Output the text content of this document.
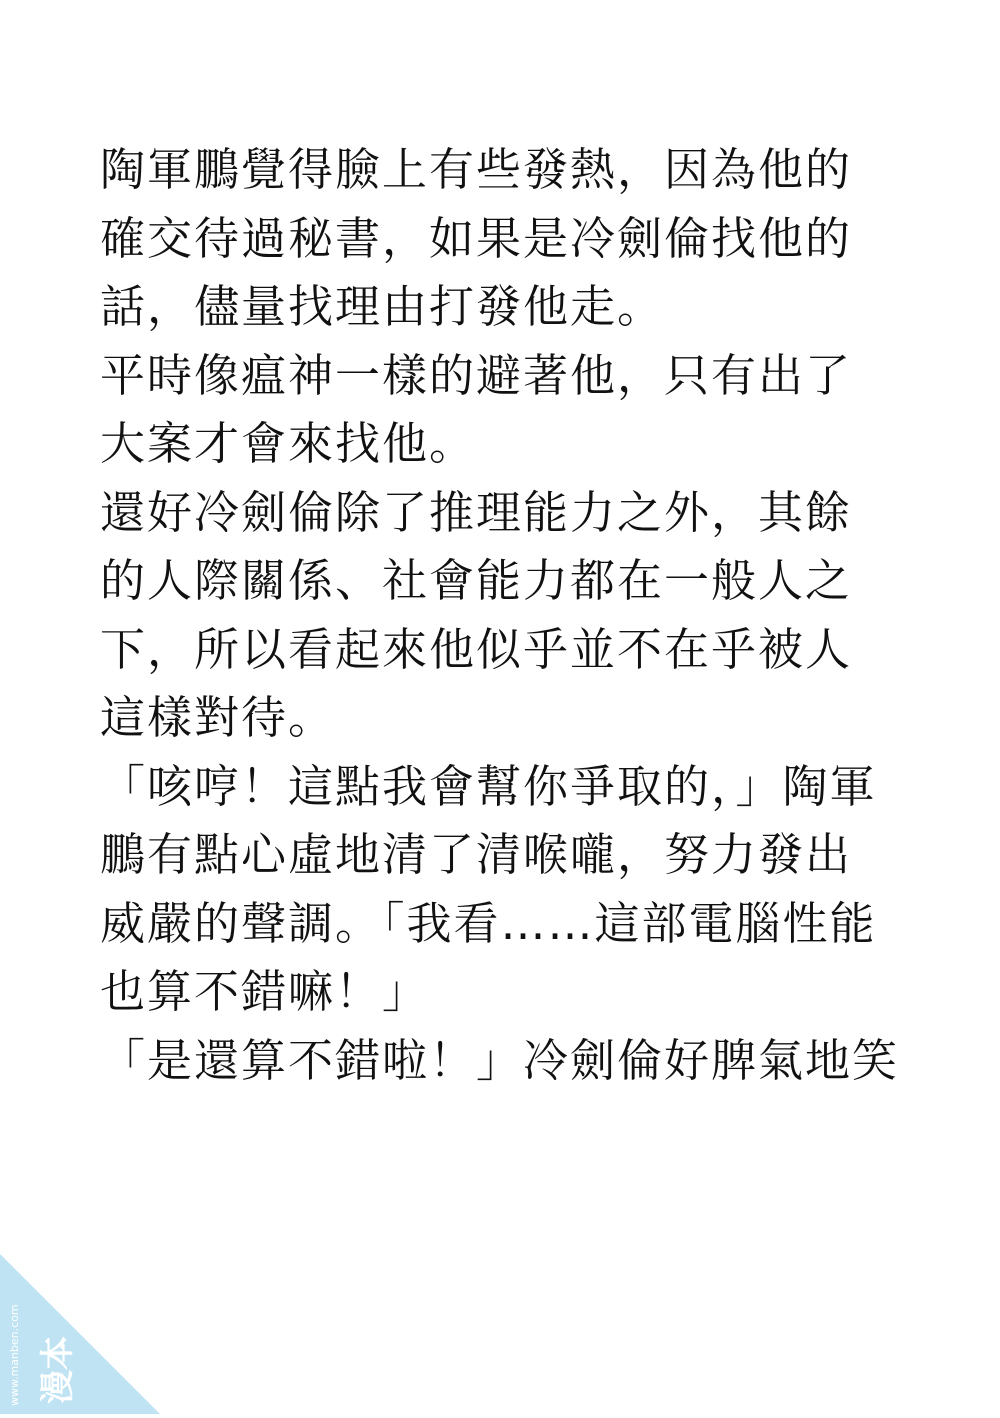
陶軍鵬覺得臉上有些發熱，因為他的
確交待過秘書，如果是冷劍倫找他的
話，儘量找理由打發他走。
平時像瘟神一樣的避著他，只有出了
大案才會來找他。
還好冷劍倫除了推理能力之外，其餘
的人際關係、社會能力都在一般人之
下，所以看起來他似乎並不在乎被人
這樣對待。
「咳哼！這點我會幫你爭取的，」陶軍
鵬有點心虛地清了清喉嚨，努力發出
威嚴的聲調。「我看……這部電腦性能
也算不錯嘛！」
「是還算不錯啦！」冷劍倫好脾氣地笑
漫本
www.manben.com
